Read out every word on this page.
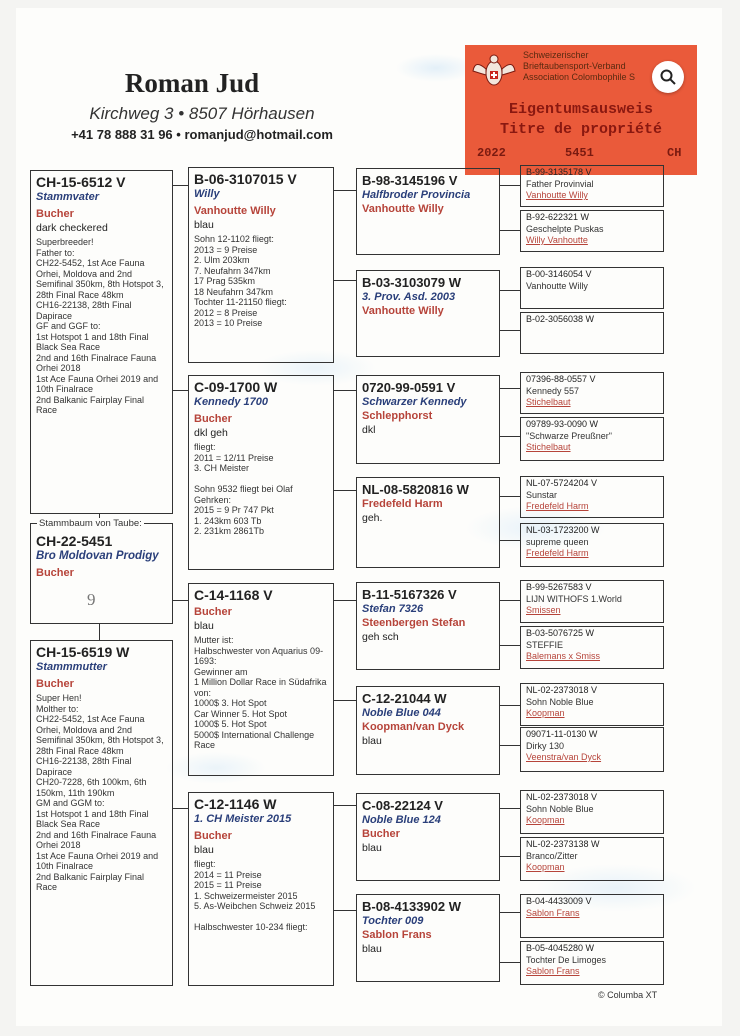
Roman Jud
Kirchweg 3 • 8507 Hörhausen
+41 78 888 31 96 • romanjud@hotmail.com
Schweizerischer
Brieftaubensport-Verband
Association Colombophile S
Eigentumsausweis
Titre de propriété
2022	5451	CH
CH-15-6512 V
Stammvater
Bucher
dark checkered
Superbreeder!
Father to:
CH22-5452, 1st Ace Fauna Orhei, Moldova and 2nd Semifinal 350km, 8th Hotspot 3, 28th Final Race 48km
CH16-22138, 28th Final Dapirace
GF and GGF to:
1st Hotspot 1 and 18th Final Black Sea Race
2nd and 16th Finalrace Fauna Orhei 2018
1st Ace Fauna Orhei 2019 and 10th Finalrace
2nd Balkanic Fairplay Final Race
CH-22-5451
Bro Moldovan Prodigy
Bucher
Stammbaum von Taube:
9
CH-15-6519 W
Stammmutter
Bucher
Super Hen!
Molther to:
CH22-5452, 1st Ace Fauna Orhei, Moldova and 2nd Semifinal 350km, 8th Hotspot 3, 28th Final Race 48km
CH16-22138, 28th Final Dapirace
CH20-7228, 6th 100km, 6th 150km, 11th 190km
GM and GGM to:
1st Hotspot 1 and 18th Final Black Sea Race
2nd and 16th Finalrace Fauna Orhei 2018
1st Ace Fauna Orhei 2019 and 10th Finalrace
2nd Balkanic Fairplay Final Race
B-06-3107015 V
Willy
Vanhoutte Willy
blau
Sohn 12-1102 fliegt:
2013 = 9 Preise
2. Ulm 203km
7. Neufahrn 347km
17 Prag 535km
18 Neufahrn 347km
Tochter 11-21150 fliegt:
2012 = 8 Preise
2013 = 10 Preise
C-09-1700 W
Kennedy 1700
Bucher
dkl geh
fliegt:
2011 = 12/11 Preise
3. CH Meister

Sohn 9532 fliegt bei Olaf Gehrken:
2015 = 9 Pr 747 Pkt
1. 243km 603 Tb
2. 231km 2861Tb
C-14-1168 V
Bucher
blau
Mutter ist:
Halbschwester von Aquarius 09-1693:
Gewinner am
1 Million Dollar Race in Südafrika von:
1000$ 3. Hot Spot
Car Winner 5. Hot Spot
1000$ 5. Hot Spot
5000$ International Challenge Race
C-12-1146 W
1. CH Meister 2015
Bucher
blau
fliegt:
2014 = 11 Preise
2015 = 11 Preise
1. Schweizermeister 2015
5. As-Weibchen Schweiz 2015

Halbschwester 10-234 fliegt:
B-98-3145196 V
Halfbroder Provincia
Vanhoutte Willy
B-03-3103079 W
3. Prov. Asd. 2003
Vanhoutte Willy
0720-99-0591 V
Schwarzer Kennedy
Schlepphorst
dkl
NL-08-5820816 W
Fredefeld Harm
geh.
B-11-5167326 V
Stefan 7326
Steenbergen Stefan
geh sch
C-12-21044 W
Noble Blue 044
Koopman/van Dyck
blau
C-08-22124 V
Noble Blue 124
Bucher
blau
B-08-4133902 W
Tochter 009
Sablon Frans
blau
B-99-3135178 V
Father Provinvial
Vanhoutte Willy
B-92-622321 W
Geschelpte Puskas
Willy Vanhoutte
B-00-3146054 V
Vanhoutte Willy
B-02-3056038 W
07396-88-0557 V
Kennedy 557
Stichelbaut
09789-93-0090 W
"Schwarze Preußner"
Stichelbaut
NL-07-5724204 V
Sunstar
Fredefeld Harm
NL-03-1723200 W
supreme queen
Fredefeld Harm
B-99-5267583 V
LIJN WITHOFS 1.World
Smissen
B-03-5076725 W
STEFFIE
Balemans x Smiss
NL-02-2373018 V
Sohn Noble Blue
Koopman
09071-11-0130 W
Dirky 130
Veenstra/van Dyck
NL-02-2373018 V
Sohn Noble Blue
Koopman
NL-02-2373138 W
Branco/Zitter
Koopman
B-04-4433009 V
Sablon Frans
B-05-4045280 W
Tochter De Limoges
Sablon Frans
© Columba XT
